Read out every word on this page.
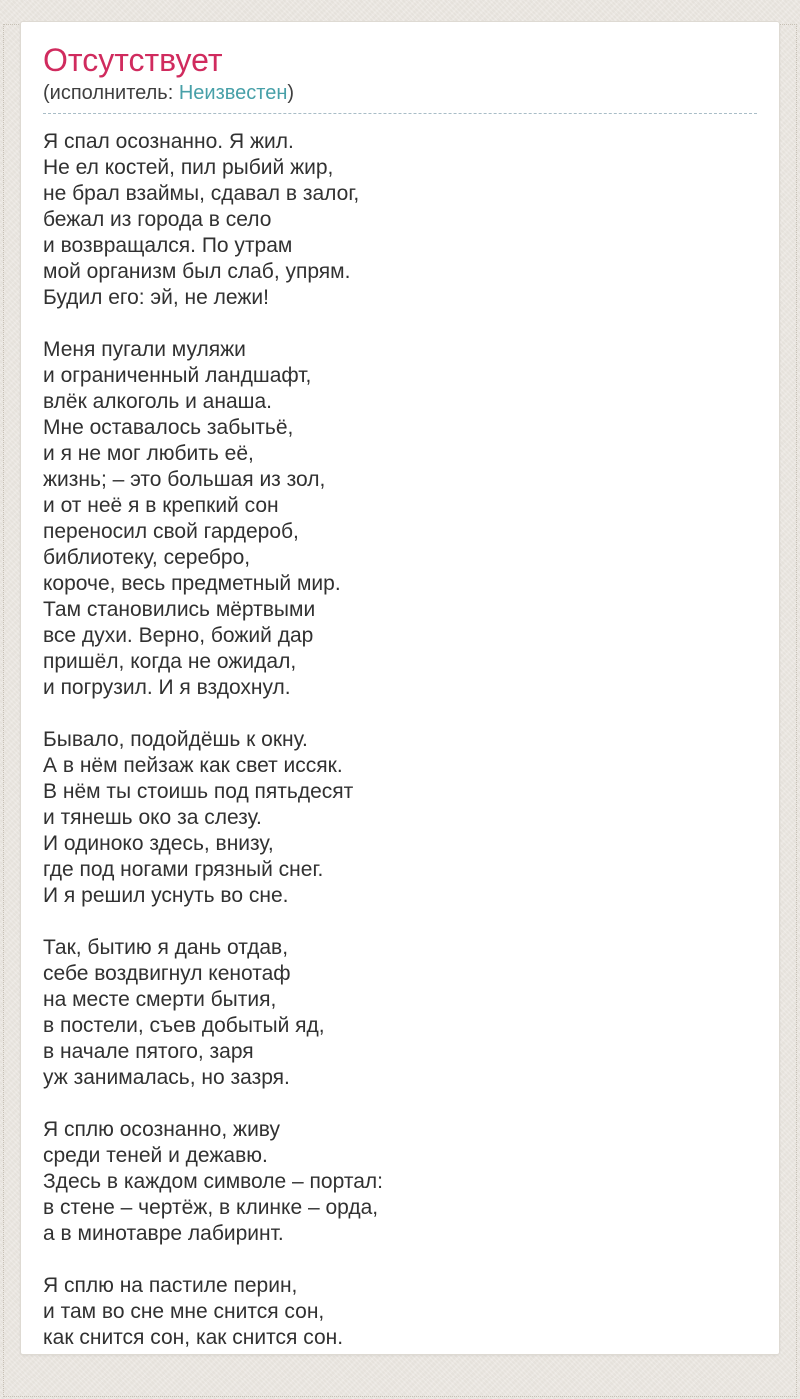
Отсутствует

(исполнитель: Неизвестен)

Я спал осознанно. Я жил.
Не ел костей, пил рыбий жир,
не брал взаймы, сдавал в залог,
бежал из города в село
и возвращался. По утрам
мой организм был слаб, упрям.
Будил его: эй, не лежи!

Меня пугали муляжи
и ограниченный ландшафт,
влёк алкоголь и анаша.
Мне оставалось забытьё,
и я не мог любить её,
жизнь; – это большая из зол,
и от неё я в крепкий сон
переносил свой гардероб,
библиотеку, серебро,
короче, весь предметный мир.
Там становились мёртвыми
все духи. Верно, божий дар
пришёл, когда не ожидал,
и погрузил. И я вздохнул.

Бывало, подойдёшь к окну.
А в нём пейзаж как свет иссяк.
В нём ты стоишь под пятьдесят
и тянешь око за слезу.
И одиноко здесь, внизу,
где под ногами грязный снег.
И я решил уснуть во сне.

Так, бытию я дань отдав,
себе воздвигнул кенотаф
на месте смерти бытия,
в постели, съев добытый яд,
в начале пятого, заря
уж занималась, но зазря.

Я сплю осознанно, живу
среди теней и дежавю.
Здесь в каждом символе – портал:
в стене – чертёж, в клинке – орда,
а в минотавре лабиринт.

Я сплю на пастиле перин,
и там во сне мне снится сон,
как снится сон, как снится сон.
